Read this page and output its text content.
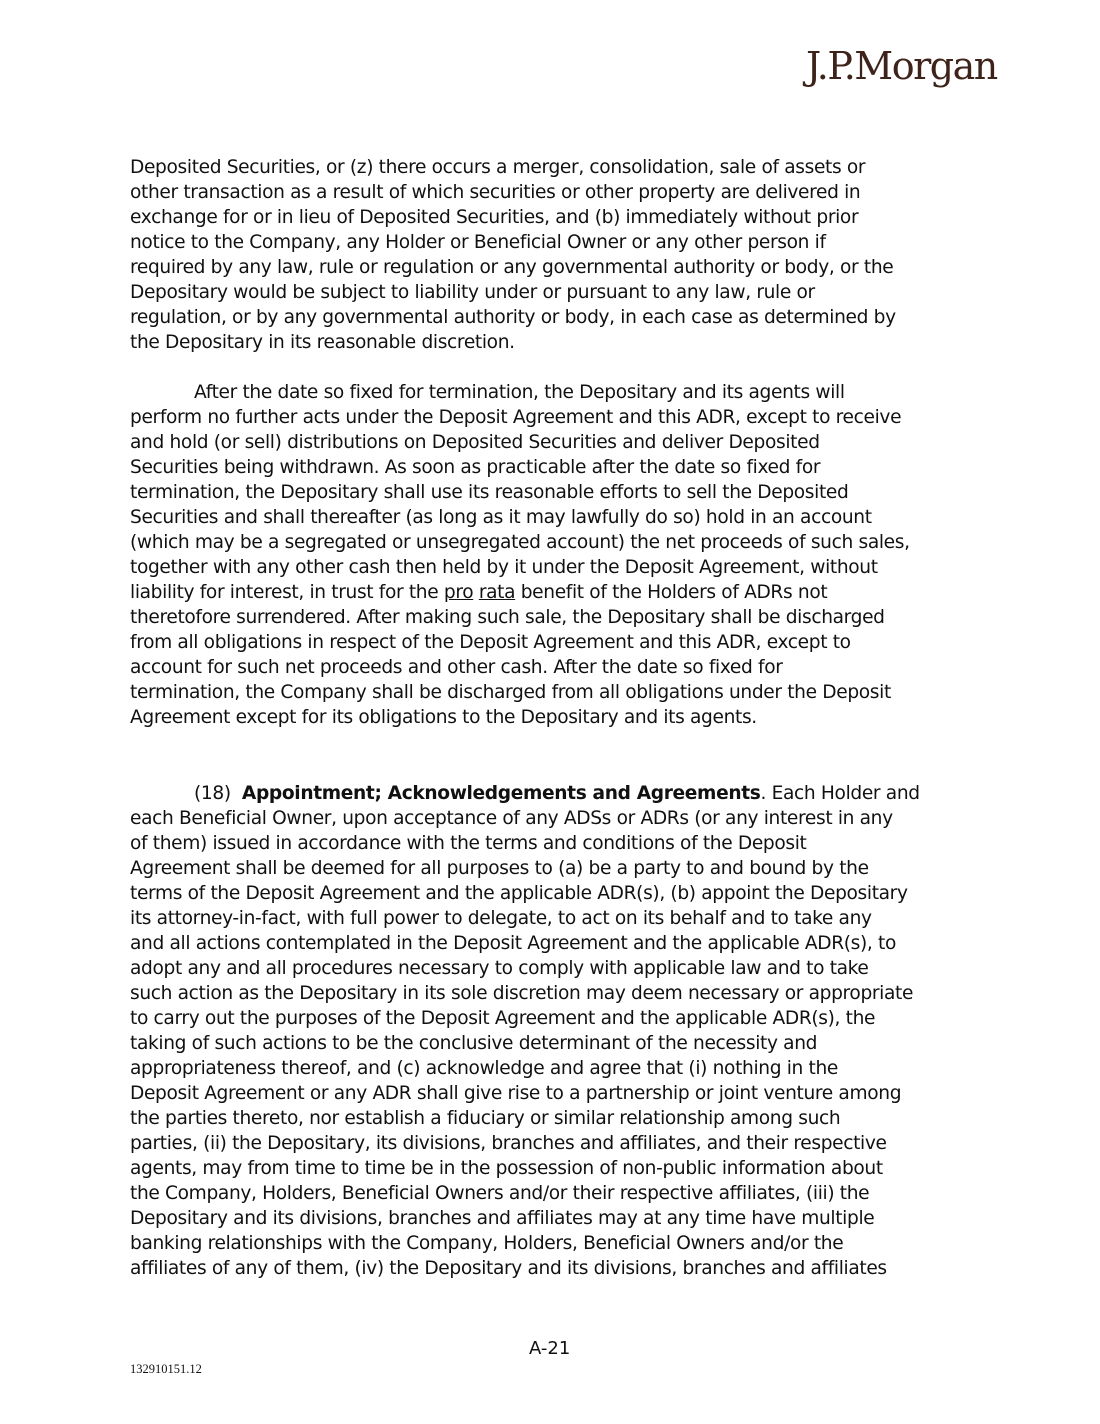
J.P.Morgan
Deposited Securities, or (z) there occurs a merger, consolidation, sale of assets or
other transaction as a result of which securities or other property are delivered in
exchange for or in lieu of Deposited Securities, and (b) immediately without prior
notice to the Company, any Holder or Beneficial Owner or any other person if
required by any law, rule or regulation or any governmental authority or body, or the
Depositary would be subject to liability under or pursuant to any law, rule or
regulation, or by any governmental authority or body, in each case as determined by
the Depositary in its reasonable discretion.
After the date so fixed for termination, the Depositary and its agents will
perform no further acts under the Deposit Agreement and this ADR, except to receive
and hold (or sell) distributions on Deposited Securities and deliver Deposited
Securities being withdrawn. As soon as practicable after the date so fixed for
termination, the Depositary shall use its reasonable efforts to sell the Deposited
Securities and shall thereafter (as long as it may lawfully do so) hold in an account
(which may be a segregated or unsegregated account) the net proceeds of such sales,
together with any other cash then held by it under the Deposit Agreement, without
liability for interest, in trust for the pro rata benefit of the Holders of ADRs not
theretofore surrendered. After making such sale, the Depositary shall be discharged
from all obligations in respect of the Deposit Agreement and this ADR, except to
account for such net proceeds and other cash. After the date so fixed for
termination, the Company shall be discharged from all obligations under the Deposit
Agreement except for its obligations to the Depositary and its agents.
(18) Appointment; Acknowledgements and Agreements. Each Holder and
each Beneficial Owner, upon acceptance of any ADSs or ADRs (or any interest in any
of them) issued in accordance with the terms and conditions of the Deposit
Agreement shall be deemed for all purposes to (a) be a party to and bound by the
terms of the Deposit Agreement and the applicable ADR(s), (b) appoint the Depositary
its attorney-in-fact, with full power to delegate, to act on its behalf and to take any
and all actions contemplated in the Deposit Agreement and the applicable ADR(s), to
adopt any and all procedures necessary to comply with applicable law and to take
such action as the Depositary in its sole discretion may deem necessary or appropriate
to carry out the purposes of the Deposit Agreement and the applicable ADR(s), the
taking of such actions to be the conclusive determinant of the necessity and
appropriateness thereof, and (c) acknowledge and agree that (i) nothing in the
Deposit Agreement or any ADR shall give rise to a partnership or joint venture among
the parties thereto, nor establish a fiduciary or similar relationship among such
parties, (ii) the Depositary, its divisions, branches and affiliates, and their respective
agents, may from time to time be in the possession of non-public information about
the Company, Holders, Beneficial Owners and/or their respective affiliates, (iii) the
Depositary and its divisions, branches and affiliates may at any time have multiple
banking relationships with the Company, Holders, Beneficial Owners and/or the
affiliates of any of them, (iv) the Depositary and its divisions, branches and affiliates
A-21
132910151.12
